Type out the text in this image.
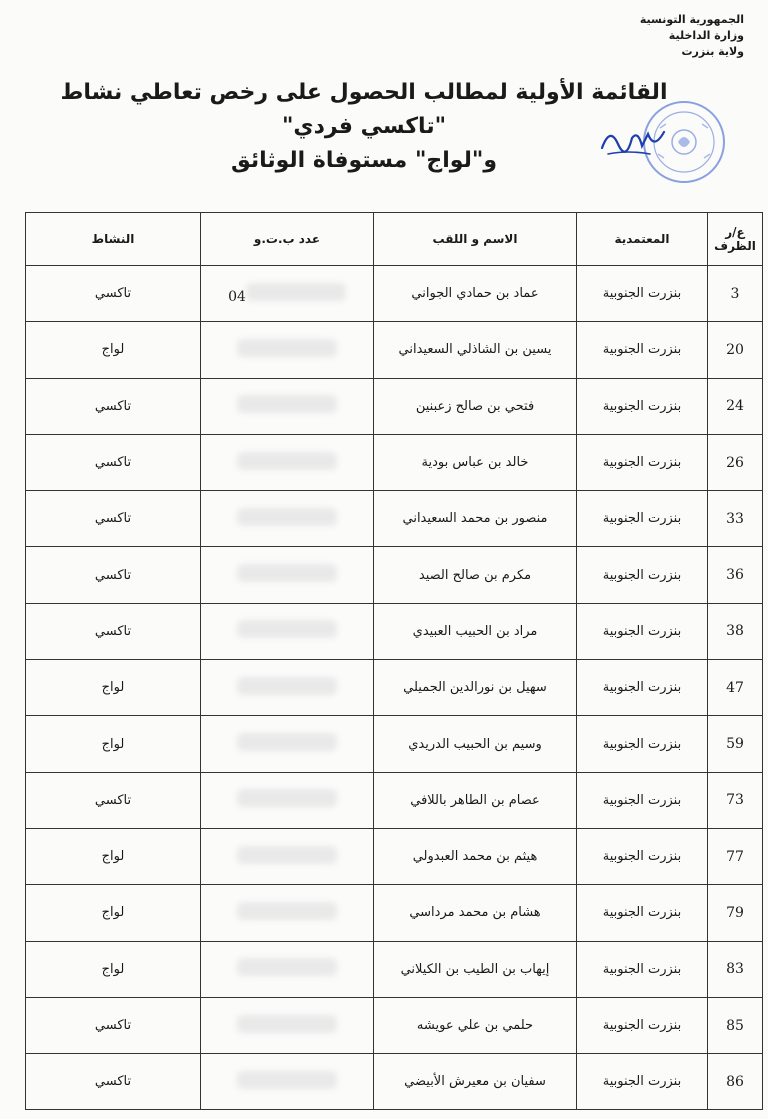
الجمهورية التونسية
وزارة الداخلية
ولاية بنزرت
القائمة الأولية لمطالب الحصول على رخص تعاطي نشاط "تاكسي فردي"
و"لواج" مستوفاة الوثائق
ع/ر الظرف	المعتمدية	الاسم و اللقب	عدد ب.ت.و	النشاط
3	بنزرت الجنوبية	عماد بن حمادي الجواني	04	تاكسي
20	بنزرت الجنوبية	يسين بن الشاذلي السعيداني		لواج
24	بنزرت الجنوبية	فتحي بن صالح زعبنين		تاكسي
26	بنزرت الجنوبية	خالد بن عباس بودية		تاكسي
33	بنزرت الجنوبية	منصور بن محمد السعيداني		تاكسي
36	بنزرت الجنوبية	مكرم بن صالح الصيد		تاكسي
38	بنزرت الجنوبية	مراد بن الحبيب العبيدي		تاكسي
47	بنزرت الجنوبية	سهيل بن نورالدين الجميلي		لواج
59	بنزرت الجنوبية	وسيم بن الحبيب الدريدي		لواج
73	بنزرت الجنوبية	عصام بن الطاهر باللافي		تاكسي
77	بنزرت الجنوبية	هيثم بن محمد العبدولي		لواج
79	بنزرت الجنوبية	هشام بن محمد مرداسي		لواج
83	بنزرت الجنوبية	إيهاب بن الطيب بن الكيلاني		لواج
85	بنزرت الجنوبية	حلمي بن علي عويشه		تاكسي
86	بنزرت الجنوبية	سفيان بن معيرش الأبيضي		تاكسي
